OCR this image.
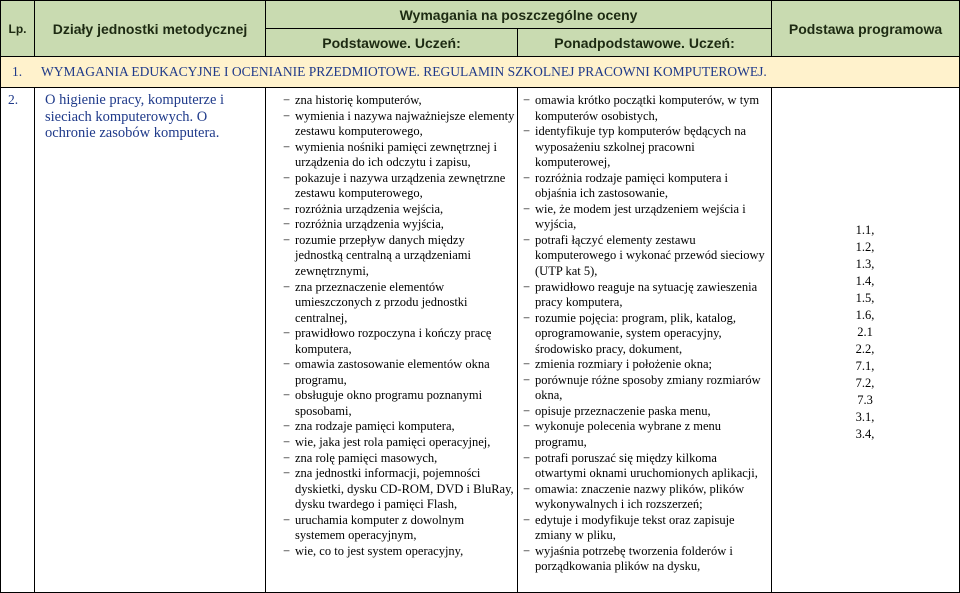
Lp. Działy jednostki metodycznej
Wymagania na poszczególne oceny
Podstawowe. Uczeń:	Ponadpodstawowe. Uczeń:
Podstawa programowa
1. WYMAGANIA EDUKACYJNE I OCENIANIE PRZEDMIOTOWE. REGULAMIN SZKOLNEJ PRACOWNI KOMPUTEROWEJ.
2.	O higienie pracy, komputerze i sieciach komputerowych. O ochronie zasobów komputera.
− zna historię komputerów,
− wymienia i nazywa najważniejsze elementy zestawu komputerowego,
− wymienia nośniki pamięci zewnętrznej i urządzenia do ich odczytu i zapisu,
− pokazuje i nazywa urządzenia zewnętrzne zestawu komputerowego,
− rozróżnia urządzenia wejścia,
− rozróżnia urządzenia wyjścia,
− rozumie przepływ danych między jednostką centralną a urządzeniami zewnętrznymi,
− zna przeznaczenie elementów umieszczonych z przodu jednostki centralnej,
− prawidłowo rozpoczyna i kończy pracę komputera,
− omawia zastosowanie elementów okna programu,
− obsługuje okno programu poznanymi sposobami,
− zna rodzaje pamięci komputera,
− wie, jaka jest rola pamięci operacyjnej,
− zna rolę pamięci masowych,
− zna jednostki informacji, pojemności dyskietki, dysku CD-ROM, DVD i BluRay, dysku twardego i pamięci Flash,
− uruchamia komputer z dowolnym systemem operacyjnym,
− wie, co to jest system operacyjny,
− omawia krótko początki komputerów, w tym komputerów osobistych,
− identyfikuje typ komputerów będących na wyposażeniu szkolnej pracowni komputerowej,
− rozróżnia rodzaje pamięci komputera i objaśnia ich zastosowanie,
− wie, że modem jest urządzeniem wejścia i wyjścia,
− potrafi łączyć elementy zestawu komputerowego i wykonać przewód sieciowy (UTP kat 5),
− prawidłowo reaguje na sytuację zawieszenia pracy komputera,
− rozumie pojęcia: program, plik, katalog, oprogramowanie, system operacyjny, środowisko pracy, dokument,
− zmienia rozmiary i położenie okna;
− porównuje różne sposoby zmiany rozmiarów okna,
− opisuje przeznaczenie paska menu,
− wykonuje polecenia wybrane z menu programu,
− potrafi poruszać się między kilkoma otwartymi oknami uruchomionych aplikacji,
− omawia: znaczenie nazwy plików, plików wykonywalnych i ich rozszerzeń;
− edytuje i modyfikuje tekst oraz zapisuje zmiany w pliku,
− wyjaśnia potrzebę tworzenia folderów i porządkowania plików na dysku,
1.1,
1.2,
1.3,
1.4,
1.5,
1.6,
2.1
2.2,
7.1,
7.2,
7.3
3.1,
3.4,
